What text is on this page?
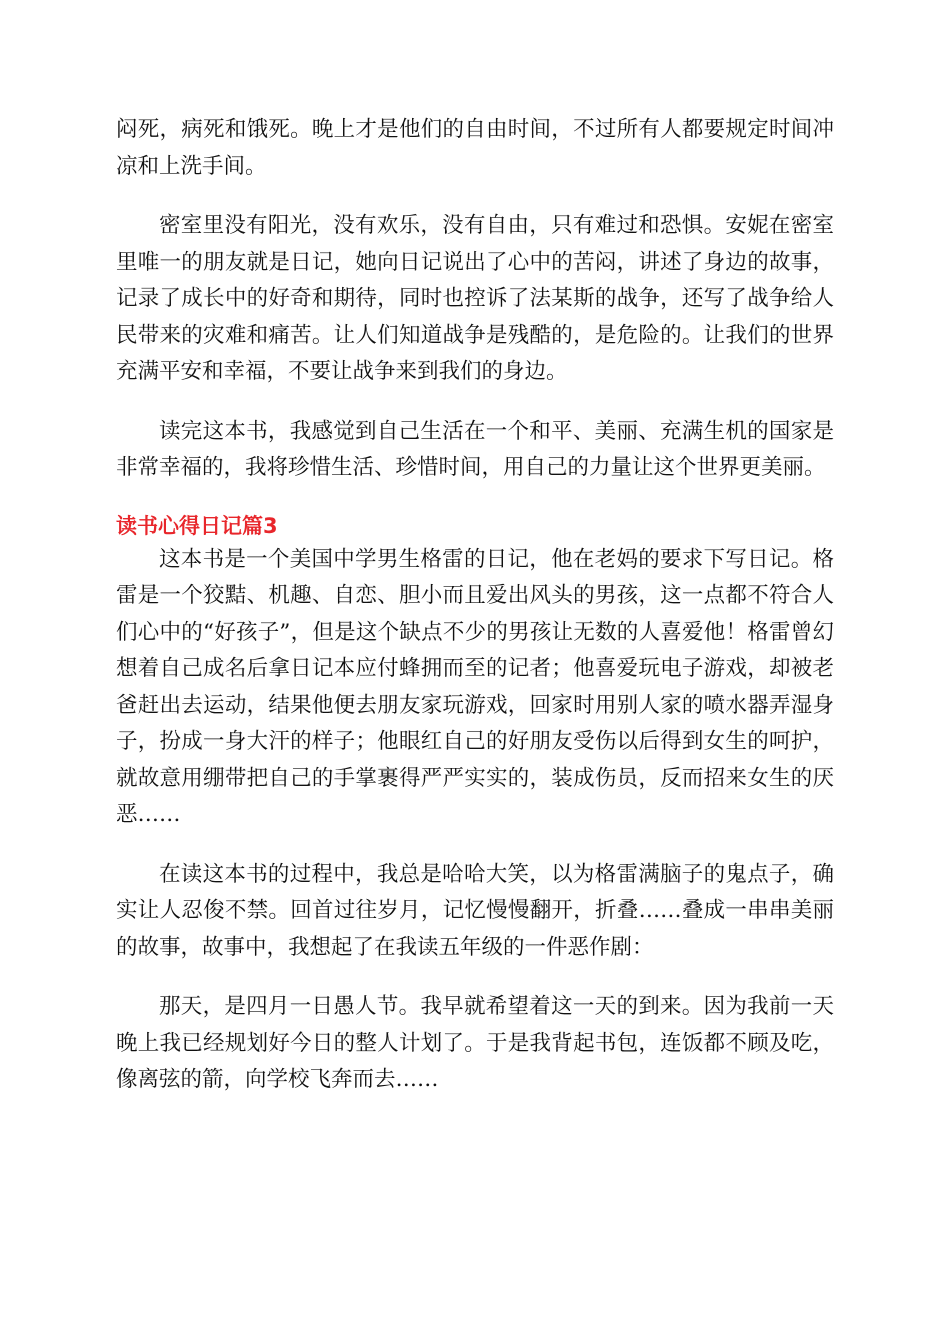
闷死，病死和饿死。晚上才是他们的自由时间，不过所有人都要规定时间冲凉和上洗手间。

密室里没有阳光，没有欢乐，没有自由，只有难过和恐惧。安妮在密室里唯一的朋友就是日记，她向日记说出了心中的苦闷，讲述了身边的故事，记录了成长中的好奇和期待，同时也控诉了法某斯的战争，还写了战争给人民带来的灾难和痛苦。让人们知道战争是残酷的，是危险的。让我们的世界充满平安和幸福，不要让战争来到我们的身边。

读完这本书，我感觉到自己生活在一个和平、美丽、充满生机的国家是非常幸福的，我将珍惜生活、珍惜时间，用自己的力量让这个世界更美丽。

读书心得日记篇3

这本书是一个美国中学男生格雷的日记，他在老妈的要求下写日记。格雷是一个狡黠、机趣、自恋、胆小而且爱出风头的男孩，这一点都不符合人们心中的“好孩子”，但是这个缺点不少的男孩让无数的人喜爱他！格雷曾幻想着自己成名后拿日记本应付蜂拥而至的记者；他喜爱玩电子游戏，却被老爸赶出去运动，结果他便去朋友家玩游戏，回家时用别人家的喷水器弄湿身子，扮成一身大汗的样子；他眼红自己的好朋友受伤以后得到女生的呵护，就故意用绷带把自己的手掌裹得严严实实的，装成伤员，反而招来女生的厌恶……

在读这本书的过程中，我总是哈哈大笑，以为格雷满脑子的鬼点子，确实让人忍俊不禁。回首过往岁月，记忆慢慢翻开，折叠……叠成一串串美丽的故事，故事中，我想起了在我读五年级的一件恶作剧：

那天，是四月一日愚人节。我早就希望着这一天的到来。因为我前一天晚上我已经规划好今日的整人计划了。于是我背起书包，连饭都不顾及吃，像离弦的箭，向学校飞奔而去……
